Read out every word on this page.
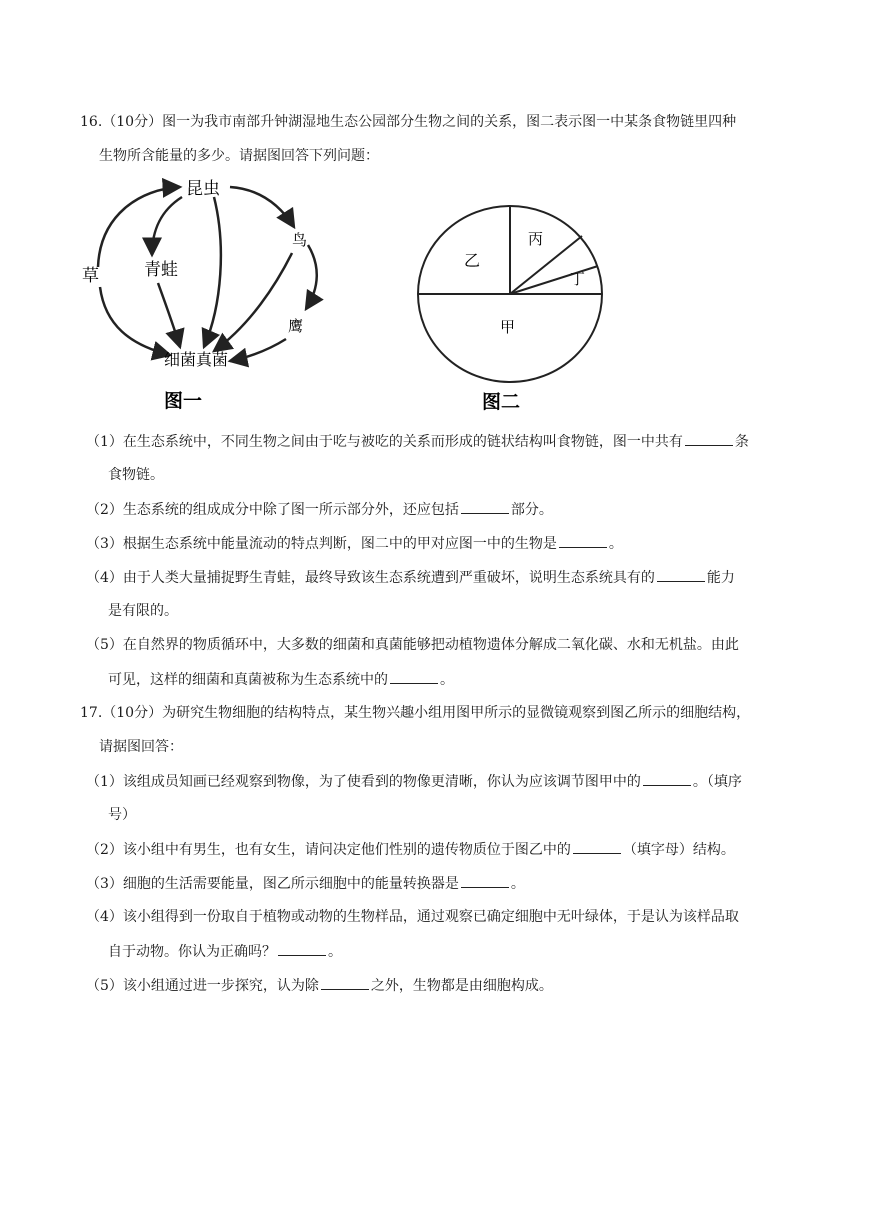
16.（10分）图一为我市南部升钟湖湿地生态公园部分生物之间的关系，图二表示图一中某条食物链里四种
生物所含能量的多少。请据图回答下列问题：
昆虫
草	青蛙
鸟
鹰
细菌真菌
图一
乙
丙
丁
甲
图二
（1）在生态系统中，不同生物之间由于吃与被吃的关系而形成的链状结构叫食物链，图一中共有	条
食物链。
（2）生态系统的组成成分中除了图一所示部分外，还应包括	部分。
（3）根据生态系统中能量流动的特点判断，图二中的甲对应图一中的生物是	。
（4）由于人类大量捕捉野生青蛙，最终导致该生态系统遭到严重破坏，说明生态系统具有的	能力
是有限的。
（5）在自然界的物质循环中，大多数的细菌和真菌能够把动植物遗体分解成二氧化碳、水和无机盐。由此
可见，这样的细菌和真菌被称为生态系统中的	。
17.（10分）为研究生物细胞的结构特点，某生物兴趣小组用图甲所示的显微镜观察到图乙所示的细胞结构，
请据图回答：
（1）该组成员知画已经观察到物像，为了使看到的物像更清晰，你认为应该调节图甲中的	。（填序
号）
（2）该小组中有男生，也有女生，请问决定他们性别的遗传物质位于图乙中的	（填字母）结构。
（3）细胞的生活需要能量，图乙所示细胞中的能量转换器是	。
（4）该小组得到一份取自于植物或动物的生物样品，通过观察已确定细胞中无叶绿体，于是认为该样品取
自于动物。你认为正确吗？	。
（5）该小组通过进一步探究，认为除	之外，生物都是由细胞构成。
